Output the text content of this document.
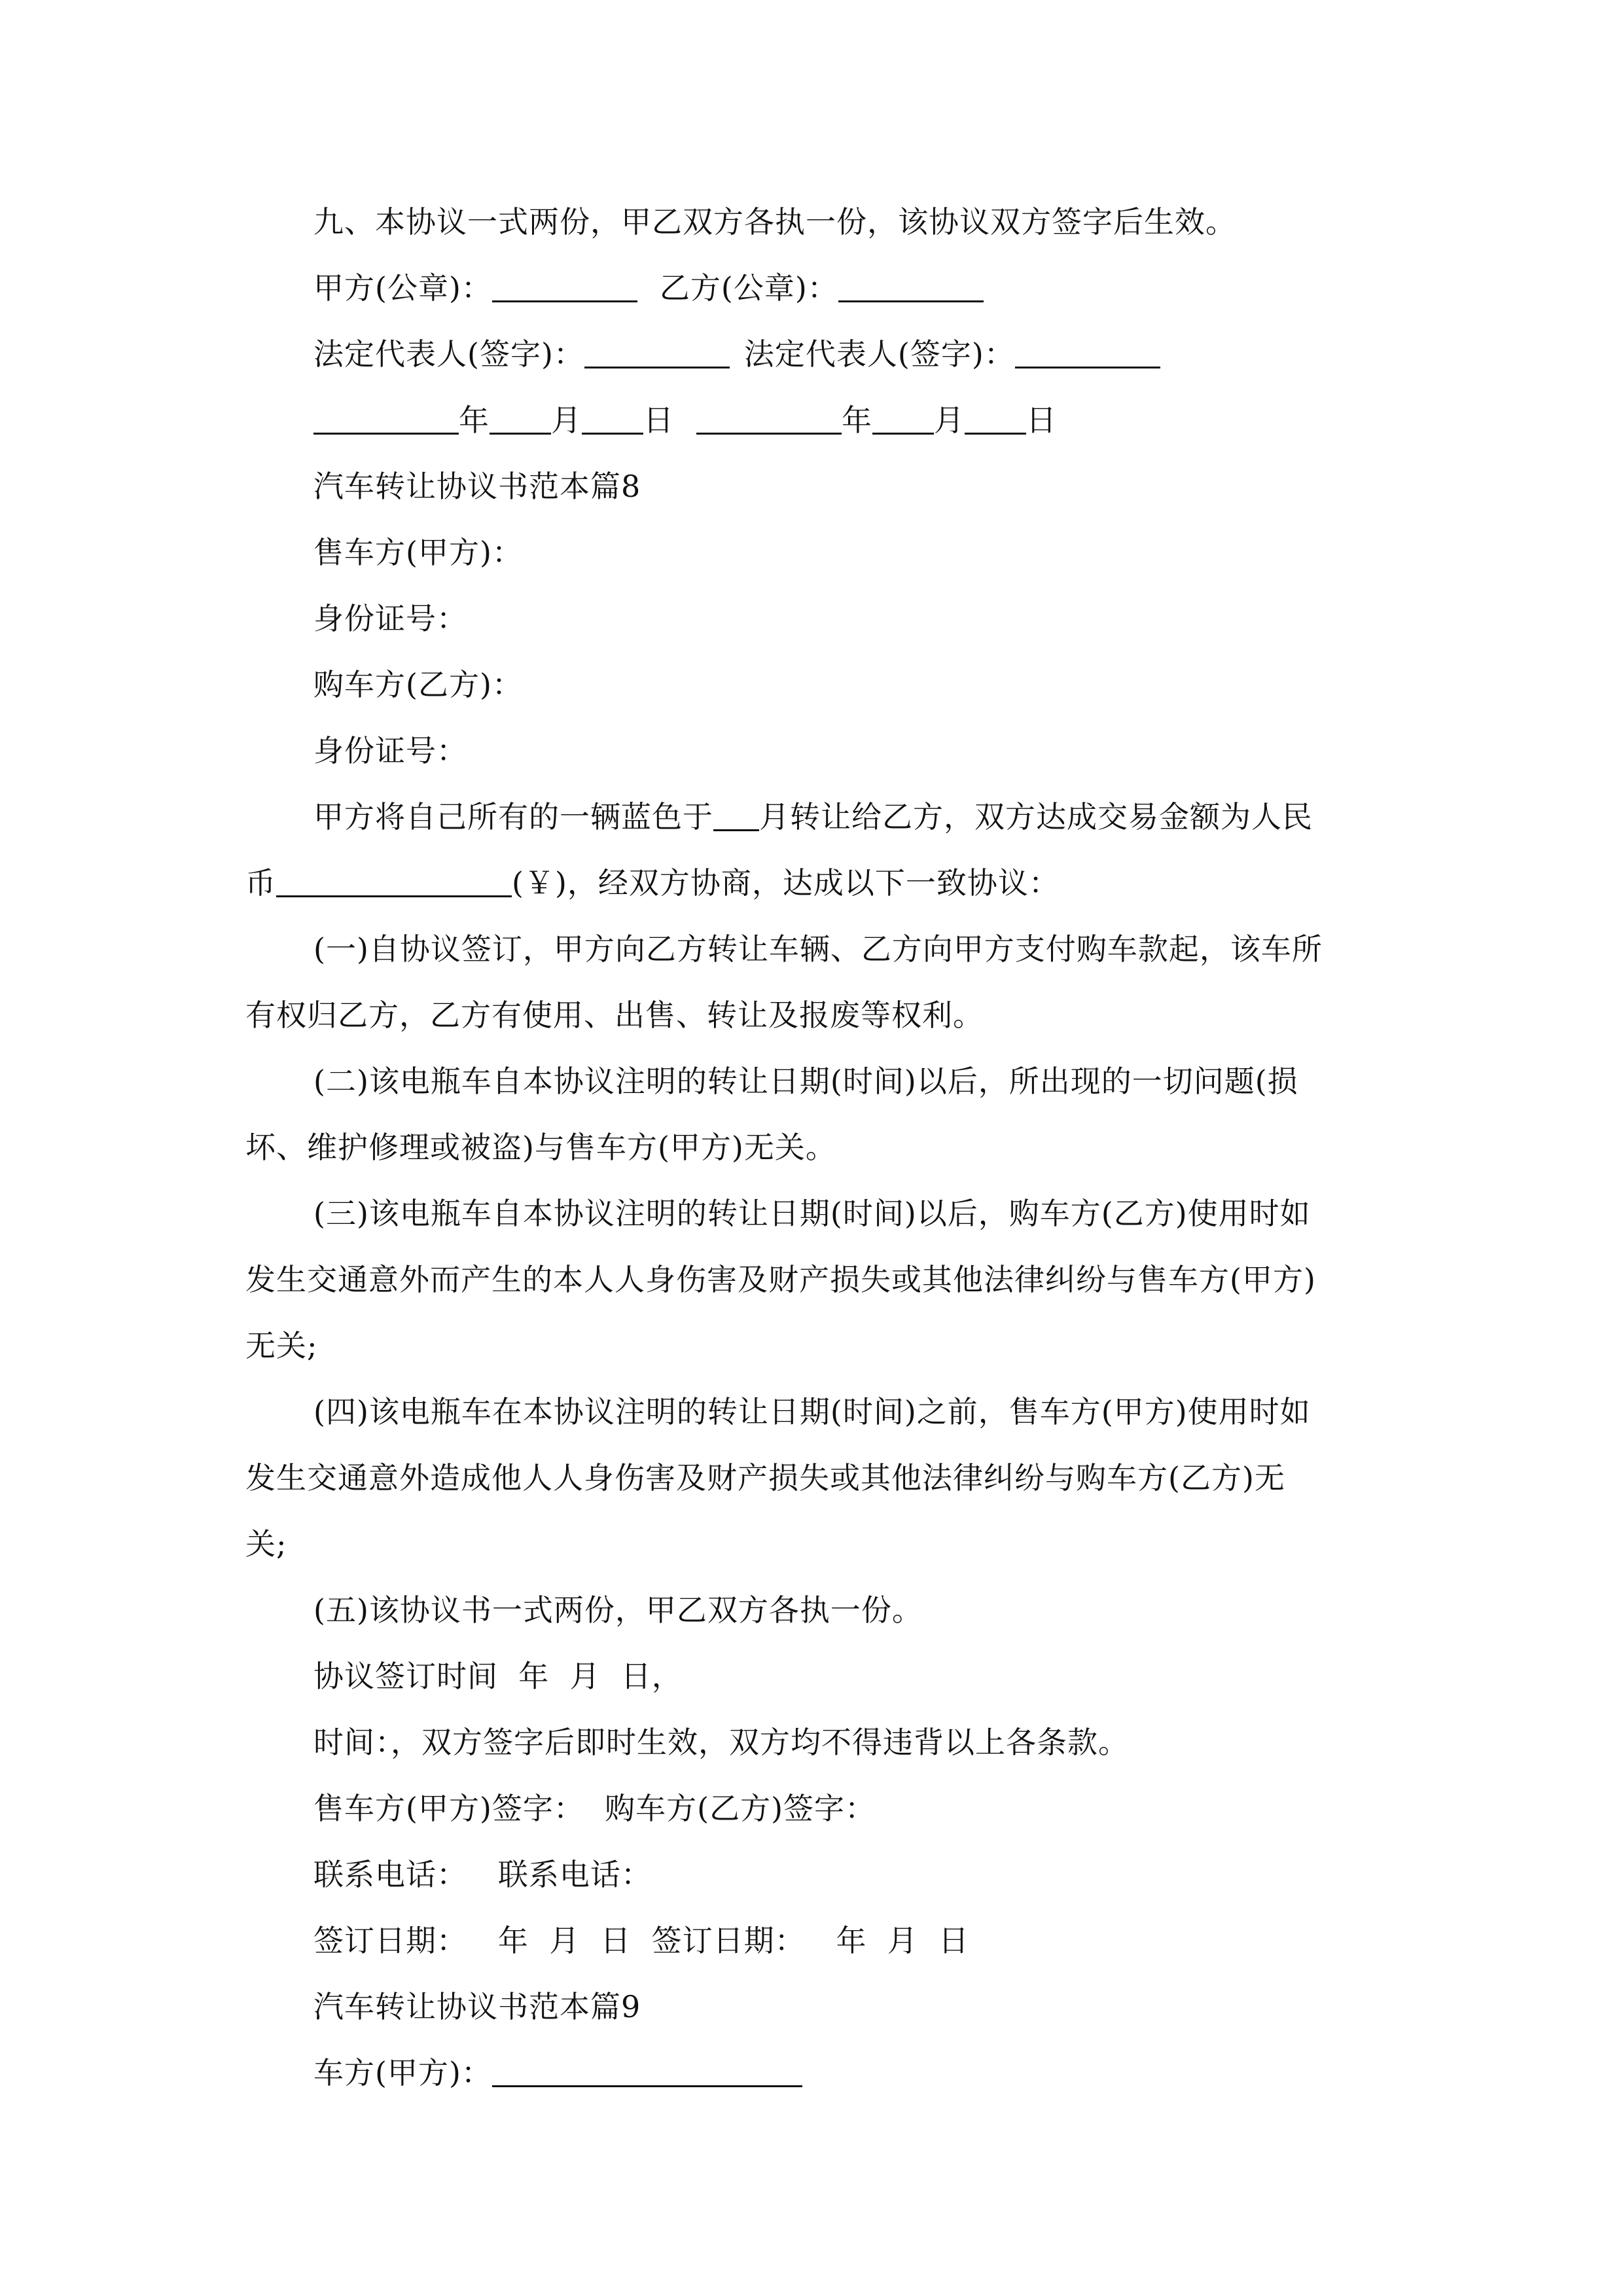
九、本协议一式两份，甲乙双方各执一份，该协议双方签字后生效。
甲方(公章)：	乙方(公章)：
法定代表人(签字)：	法定代表人(签字)：
年 月 日	年 月 日
汽车转让协议书范本篇8
售车方(甲方)：
身份证号：
购车方(乙方)：
身份证号：
甲方将自己所有的一辆蓝色于 月转让给乙方，双方达成交易金额为人民
币	(￥)，经双方协商，达成以下一致协议：
(一)自协议签订，甲方向乙方转让车辆、乙方向甲方支付购车款起，该车所
有权归乙方，乙方有使用、出售、转让及报废等权利。
(二)该电瓶车自本协议注明的转让日期(时间)以后，所出现的一切问题(损
坏、维护修理或被盗)与售车方(甲方)无关。
(三)该电瓶车自本协议注明的转让日期(时间)以后，购车方(乙方)使用时如
发生交通意外而产生的本人人身伤害及财产损失或其他法律纠纷与售车方(甲方)
无关;
(四)该电瓶车在本协议注明的转让日期(时间)之前，售车方(甲方)使用时如
发生交通意外造成他人人身伤害及财产损失或其他法律纠纷与购车方(乙方)无
关;
(五)该协议书一式两份，甲乙双方各执一份。
协议签订时间  年  月  日，
时间：，双方签字后即时生效，双方均不得违背以上各条款。
售车方(甲方)签字：  购车方(乙方)签字：
联系电话：   联系电话：
签订日期：   年  月  日  签订日期：   年  月  日
汽车转让协议书范本篇9
车方(甲方)：
